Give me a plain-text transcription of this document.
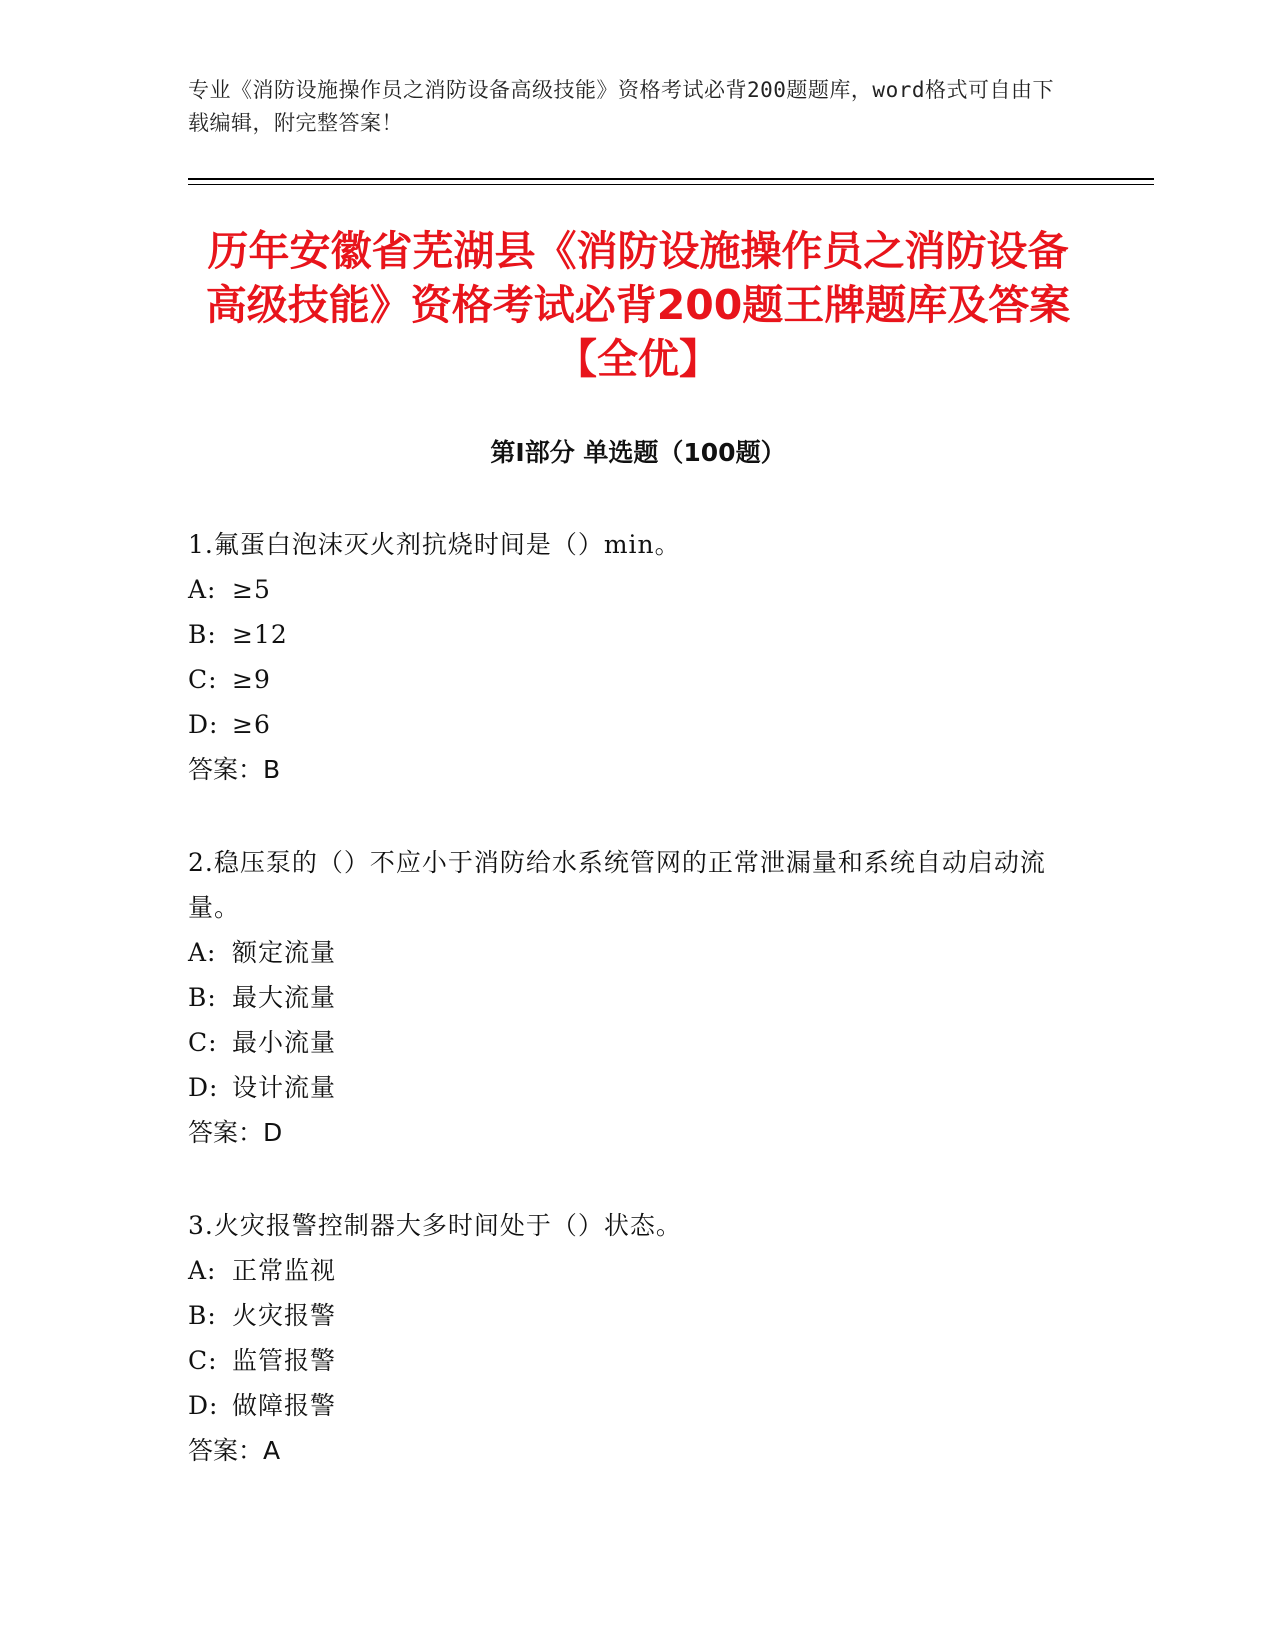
专业《消防设施操作员之消防设备高级技能》资格考试必背200题题库，word格式可自由下载编辑，附完整答案！

历年安徽省芜湖县《消防设施操作员之消防设备高级技能》资格考试必背200题王牌题库及答案【全优】
第Ⅰ部分 单选题（100题）

1.氟蛋白泡沫灭火剂抗烧时间是（）min。

A: ≥5

B: ≥12

C: ≥9

D: ≥6

答案：B

2.稳压泵的（）不应小于消防给水系统管网的正常泄漏量和系统自动启动流量。

A: 额定流量

B: 最大流量

C: 最小流量

D: 设计流量

答案：D

3.火灾报警控制器大多时间处于（）状态。

A: 正常监视

B: 火灾报警

C: 监管报警

D: 做障报警

答案：A
